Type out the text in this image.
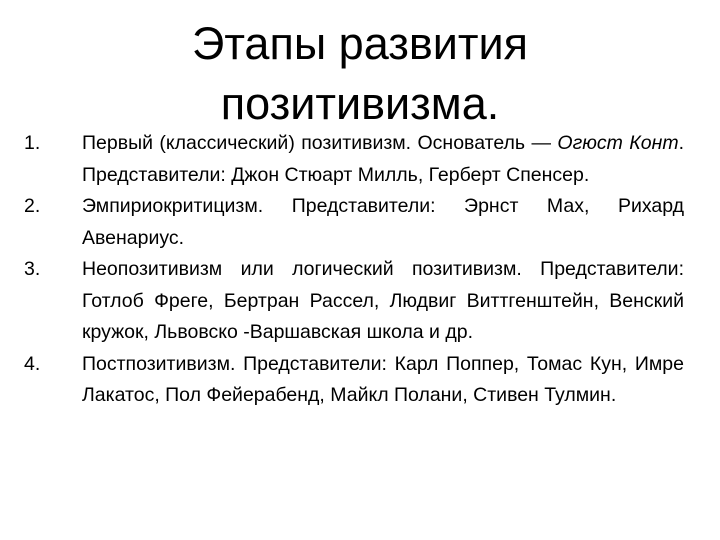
Этапы развития
позитивизма.
1.	Первый (классический) позитивизм. Основатель — Огюст Конт. Представители: Джон Стюарт Милль, Герберт Спенсер.
2.	Эмпириокритицизм. Представители: Эрнст Мах, Рихард Авенариус.
3.	Неопозитивизм или логический позитивизм. Представители: Готлоб Фреге, Бертран Рассел, Людвиг Виттгенштейн, Венский кружок, Львовско -Варшавская школа и др.
4.	Постпозитивизм. Представители: Карл Поппер, Томас Кун, Имре Лакатос, Пол Фейерабенд, Майкл Полани, Стивен Тулмин.
